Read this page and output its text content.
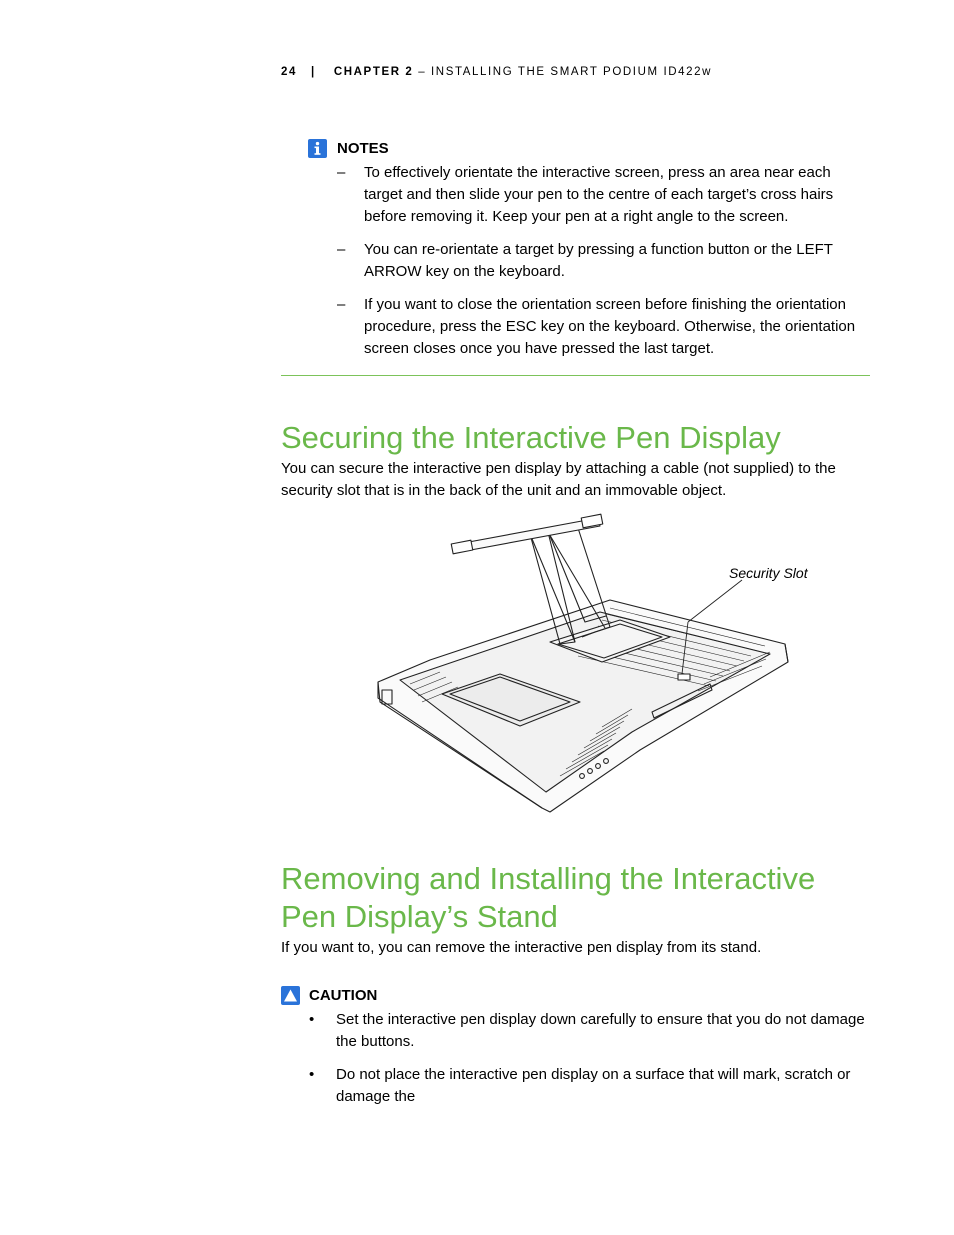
24 | CHAPTER 2 – INSTALLING THE SMART PODIUM ID422w
NOTES
– To effectively orientate the interactive screen, press an area near each target and then slide your pen to the centre of each target’s cross hairs before removing it. Keep your pen at a right angle to the screen.
– You can re-orientate a target by pressing a function button or the LEFT ARROW key on the keyboard.
– If you want to close the orientation screen before finishing the orientation procedure, press the ESC key on the keyboard. Otherwise, the orientation screen closes once you have pressed the last target.
Securing the Interactive Pen Display

You can secure the interactive pen display by attaching a cable (not supplied) to the security slot that is in the back of the unit and an immovable object.

Security Slot
Removing and Installing the Interactive
Pen Display’s Stand

If you want to, you can remove the interactive pen display from its stand.

CAUTION
• Set the interactive pen display down carefully to ensure that you do not damage the buttons.
• Do not place the interactive pen display on a surface that will mark, scratch or damage the
